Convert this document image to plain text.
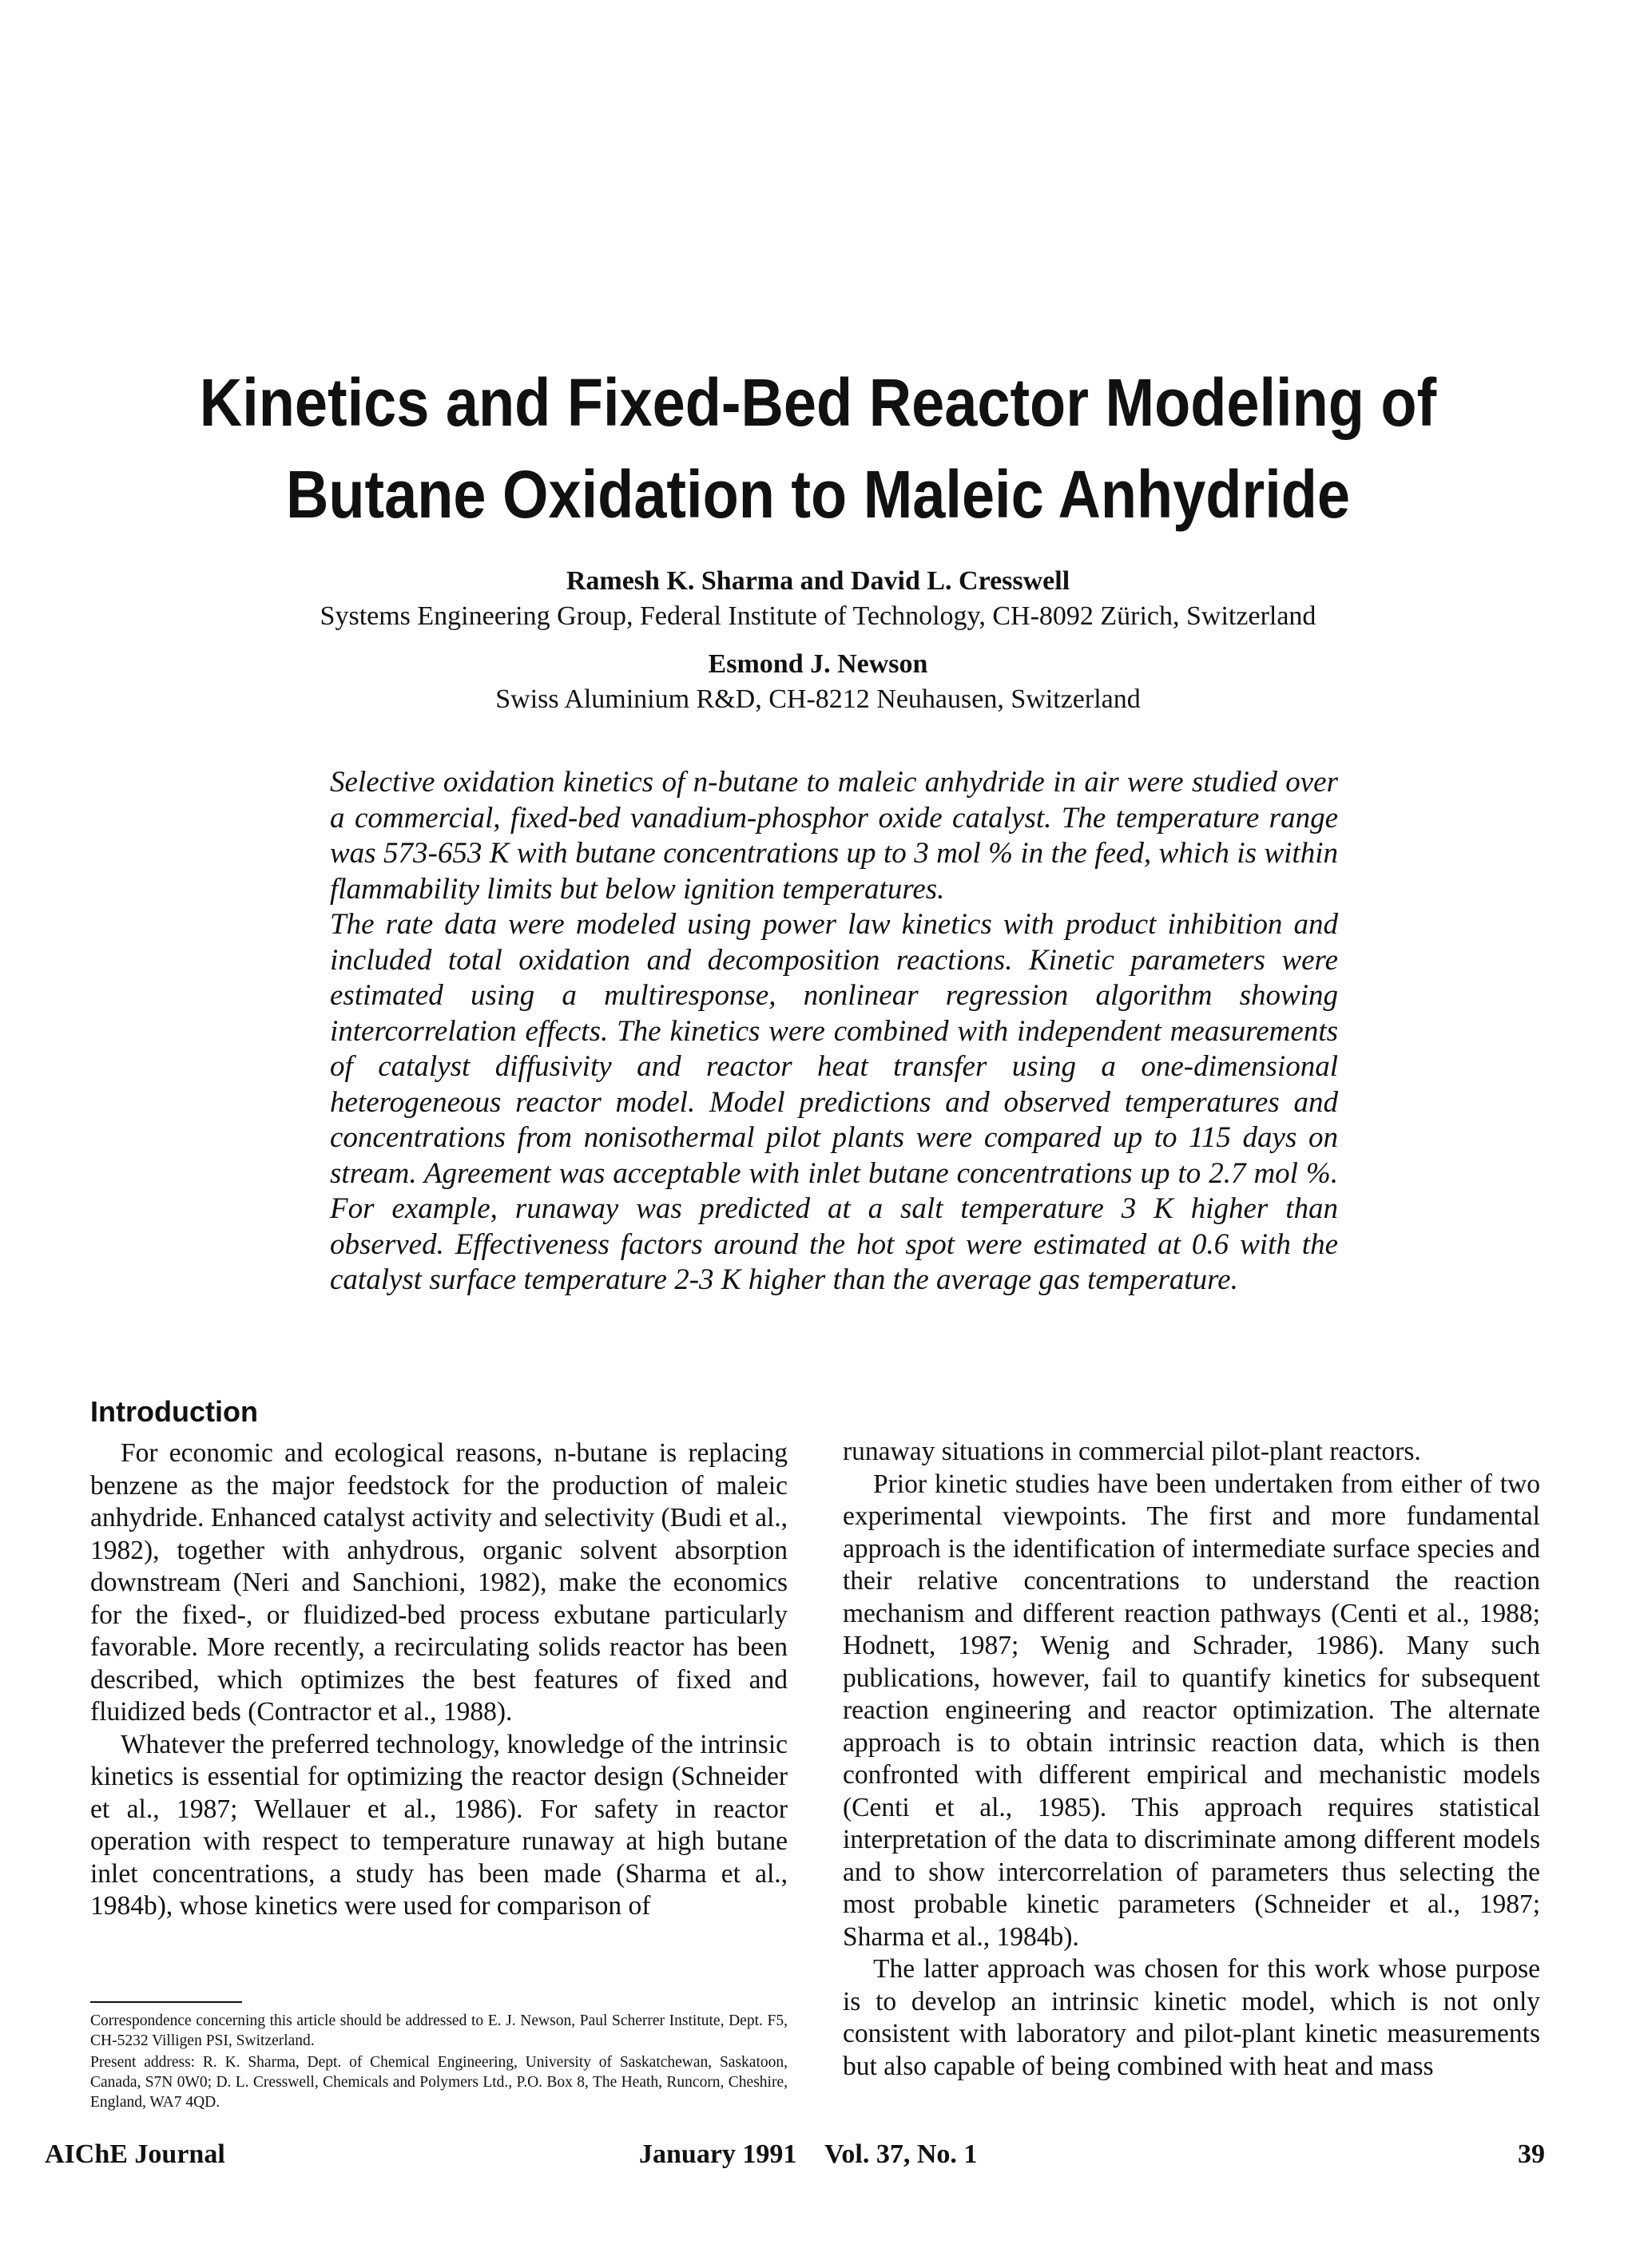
Kinetics and Fixed-Bed Reactor Modeling of
Butane Oxidation to Maleic Anhydride
Ramesh K. Sharma and David L. Cresswell
Systems Engineering Group, Federal Institute of Technology, CH-8092 Zürich, Switzerland
Esmond J. Newson
Swiss Aluminium R&D, CH-8212 Neuhausen, Switzerland

Selective oxidation kinetics of n-butane to maleic anhydride in air were studied over a commercial, fixed-bed vanadium-phosphor oxide catalyst. The temperature range was 573-653 K with butane concentrations up to 3 mol % in the feed, which is within flammability limits but below ignition temperatures.

The rate data were modeled using power law kinetics with product inhibition and included total oxidation and decomposition reactions. Kinetic parameters were estimated using a multiresponse, nonlinear regression algorithm showing intercorrelation effects. The kinetics were combined with independent measurements of catalyst diffusivity and reactor heat transfer using a one-dimensional heterogeneous reactor model. Model predictions and observed temperatures and concentrations from nonisothermal pilot plants were compared up to 115 days on stream. Agreement was acceptable with inlet butane concentrations up to 2.7 mol %. For example, runaway was predicted at a salt temperature 3 K higher than observed. Effectiveness factors around the hot spot were estimated at 0.6 with the catalyst surface temperature 2-3 K higher than the average gas temperature.

Introduction

For economic and ecological reasons, n-butane is replacing benzene as the major feedstock for the production of maleic anhydride. Enhanced catalyst activity and selectivity (Budi et al., 1982), together with anhydrous, organic solvent absorption downstream (Neri and Sanchioni, 1982), make the economics for the fixed-, or fluidized-bed process exbutane particularly favorable. More recently, a recirculating solids reactor has been described, which optimizes the best features of fixed and fluidized beds (Contractor et al., 1988).

Whatever the preferred technology, knowledge of the intrinsic kinetics is essential for optimizing the reactor design (Schneider et al., 1987; Wellauer et al., 1986). For safety in reactor operation with respect to temperature runaway at high butane inlet concentrations, a study has been made (Sharma et al., 1984b), whose kinetics were used for comparison of

runaway situations in commercial pilot-plant reactors.

Prior kinetic studies have been undertaken from either of two experimental viewpoints. The first and more fundamental approach is the identification of intermediate surface species and their relative concentrations to understand the reaction mechanism and different reaction pathways (Centi et al., 1988; Hodnett, 1987; Wenig and Schrader, 1986). Many such publications, however, fail to quantify kinetics for subsequent reaction engineering and reactor optimization. The alternate approach is to obtain intrinsic reaction data, which is then confronted with different empirical and mechanistic models (Centi et al., 1985). This approach requires statistical interpretation of the data to discriminate among different models and to show intercorrelation of parameters thus selecting the most probable kinetic parameters (Schneider et al., 1987; Sharma et al., 1984b).

The latter approach was chosen for this work whose purpose is to develop an intrinsic kinetic model, which is not only consistent with laboratory and pilot-plant kinetic measurements but also capable of being combined with heat and mass

Correspondence concerning this article should be addressed to E. J. Newson, Paul Scherrer Institute, Dept. F5, CH-5232 Villigen PSI, Switzerland.

Present address: R. K. Sharma, Dept. of Chemical Engineering, University of Saskatchewan, Saskatoon, Canada, S7N 0W0; D. L. Cresswell, Chemicals and Polymers Ltd., P.O. Box 8, The Heath, Runcorn, Cheshire, England, WA7 4QD.

AIChE Journal	January 1991 Vol. 37, No. 1	39
